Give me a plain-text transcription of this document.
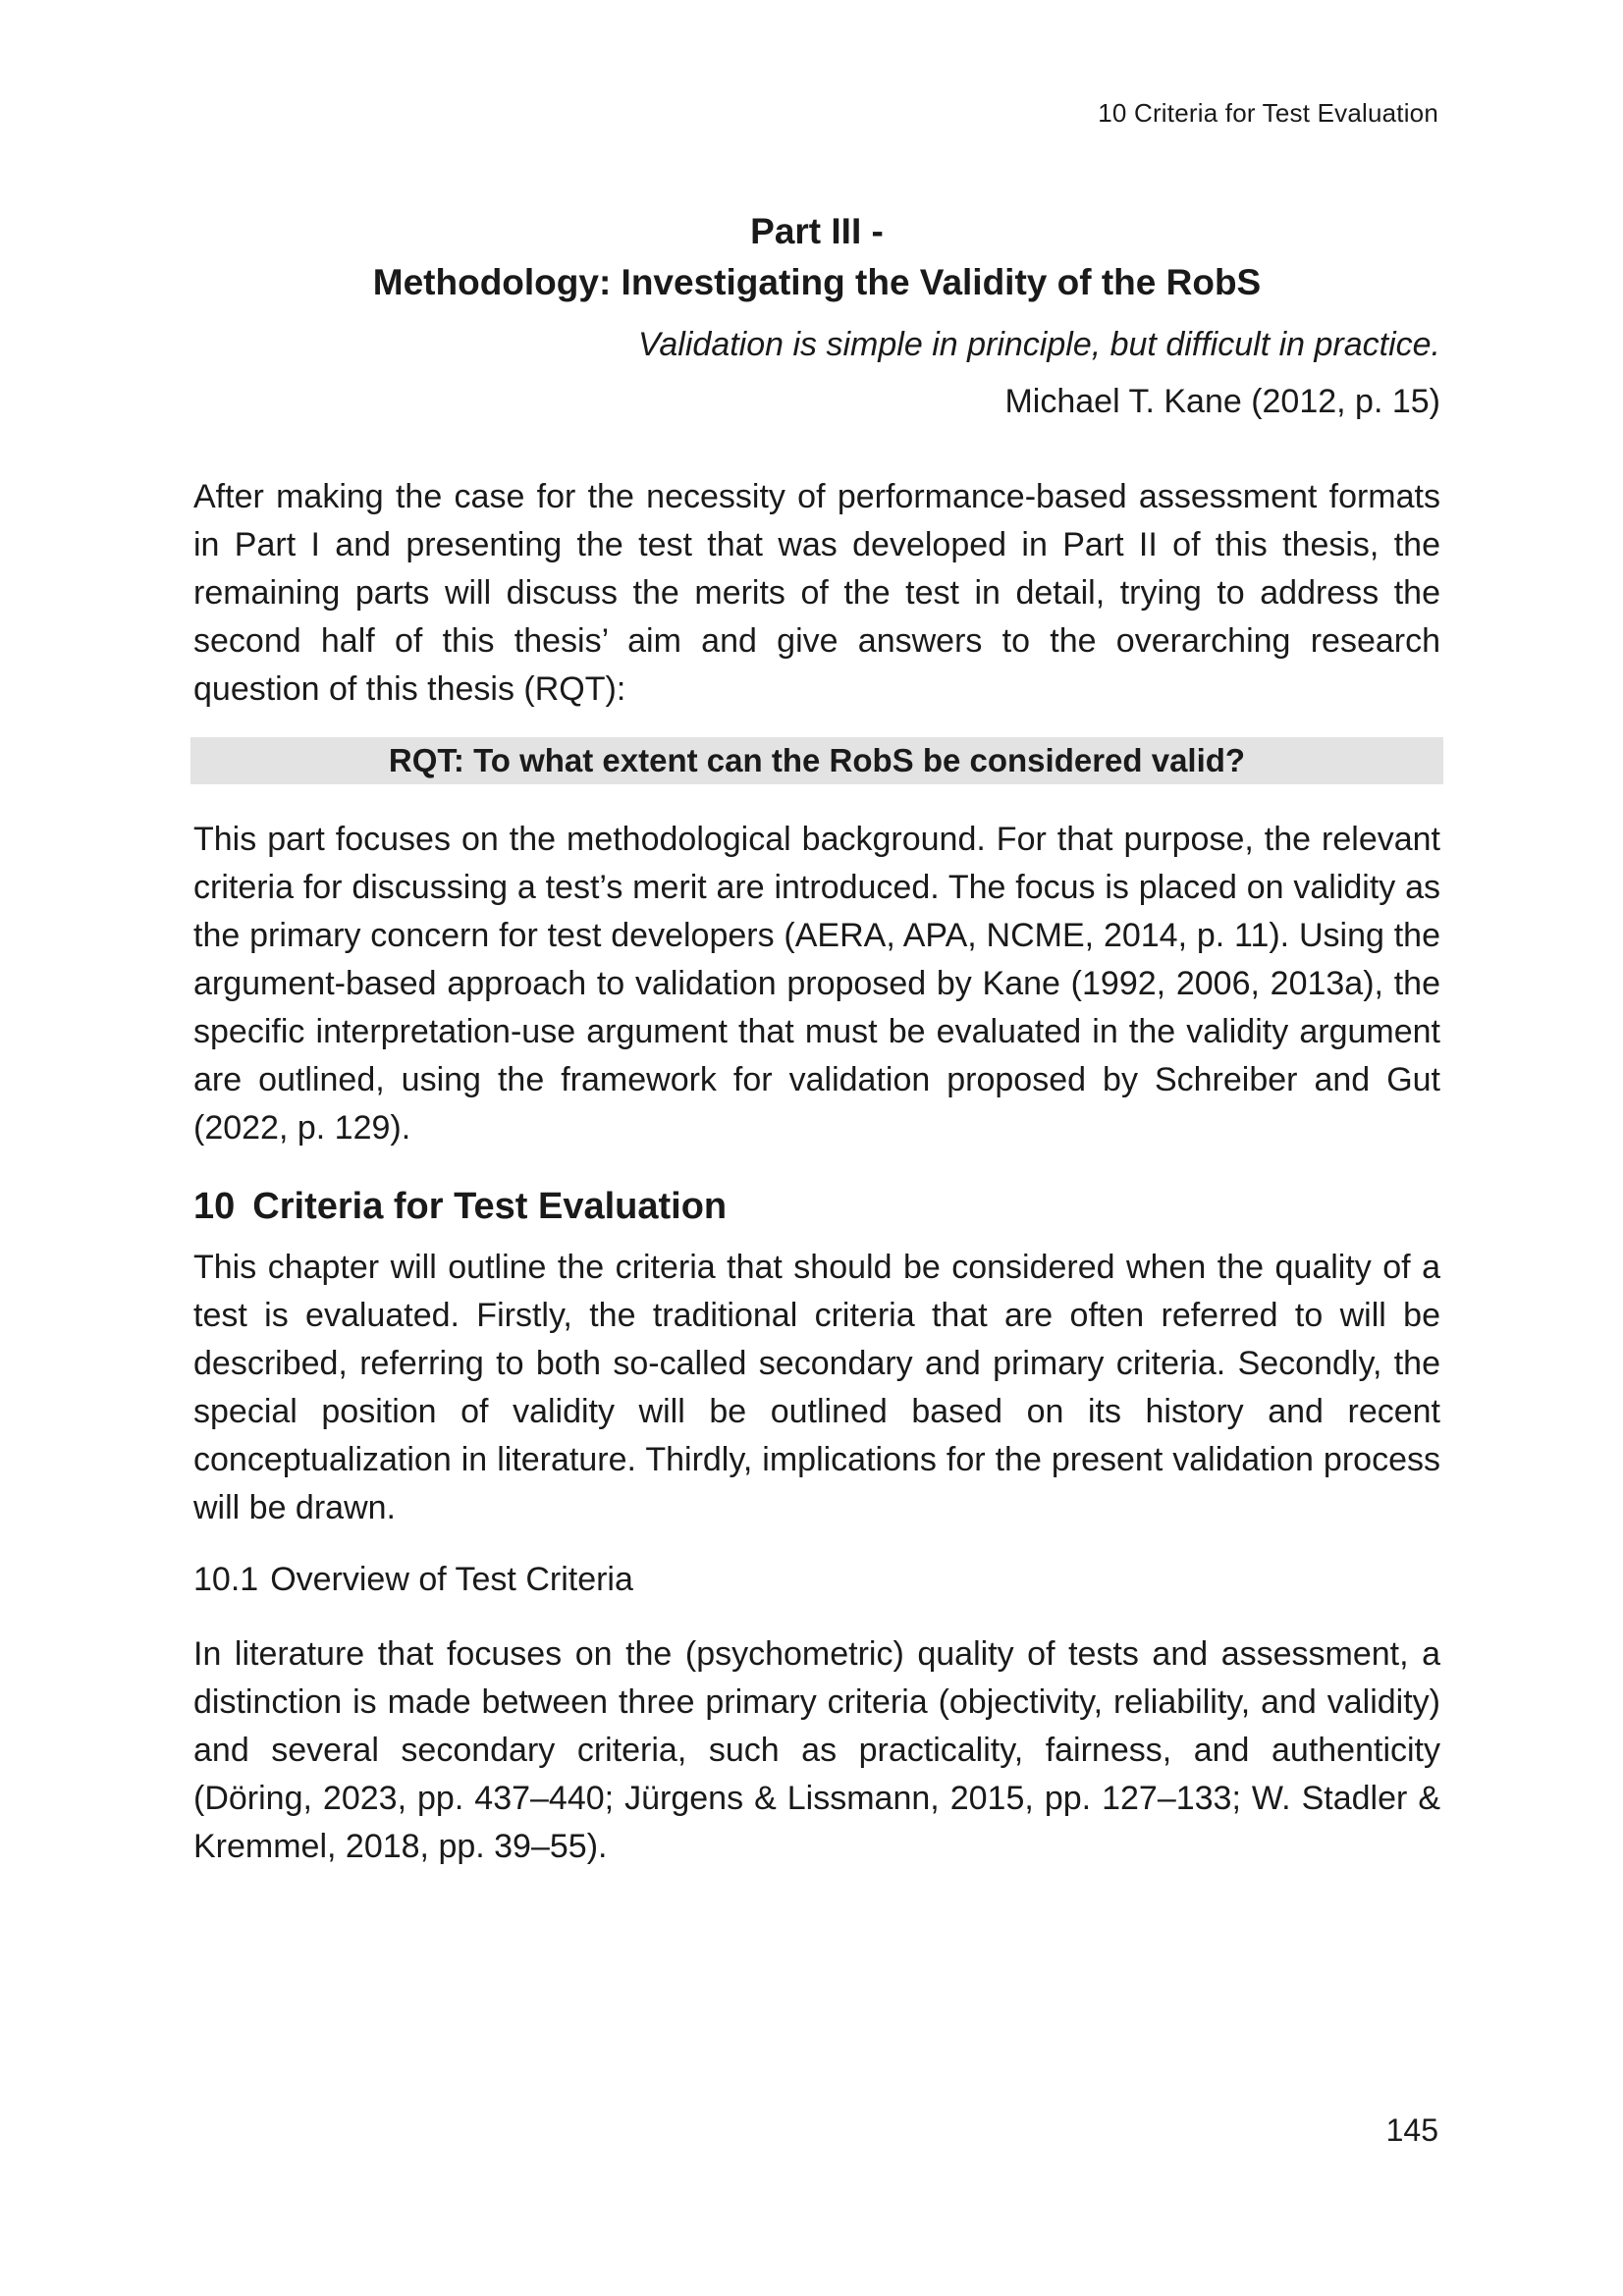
10 Criteria for Test Evaluation
Part III -
Methodology: Investigating the Validity of the RobS
Validation is simple in principle, but difficult in practice.
Michael T. Kane (2012, p. 15)

After making the case for the necessity of performance-based assessment formats in Part I and presenting the test that was developed in Part II of this thesis, the remaining parts will discuss the merits of the test in detail, trying to address the second half of this thesis’ aim and give answers to the overarching research question of this thesis (RQT):

RQT: To what extent can the RobS be considered valid?

This part focuses on the methodological background. For that purpose, the relevant criteria for discussing a test’s merit are introduced. The focus is placed on validity as the primary concern for test developers (AERA, APA, NCME, 2014, p. 11). Using the argument-based approach to validation proposed by Kane (1992, 2006, 2013a), the specific interpretation-use argument that must be evaluated in the validity argument are outlined, using the framework for validation proposed by Schreiber and Gut (2022, p. 129).

10 Criteria for Test Evaluation

This chapter will outline the criteria that should be considered when the quality of a test is evaluated. Firstly, the traditional criteria that are often referred to will be described, referring to both so-called secondary and primary criteria. Secondly, the special position of validity will be outlined based on its history and recent conceptualization in literature. Thirdly, implications for the present validation process will be drawn.

10.1 Overview of Test Criteria

In literature that focuses on the (psychometric) quality of tests and assessment, a distinction is made between three primary criteria (objectivity, reliability, and validity) and several secondary criteria, such as practicality, fairness, and authenticity (Döring, 2023, pp. 437–440; Jürgens & Lissmann, 2015, pp. 127–133; W. Stadler & Kremmel, 2018, pp. 39–55).

145
